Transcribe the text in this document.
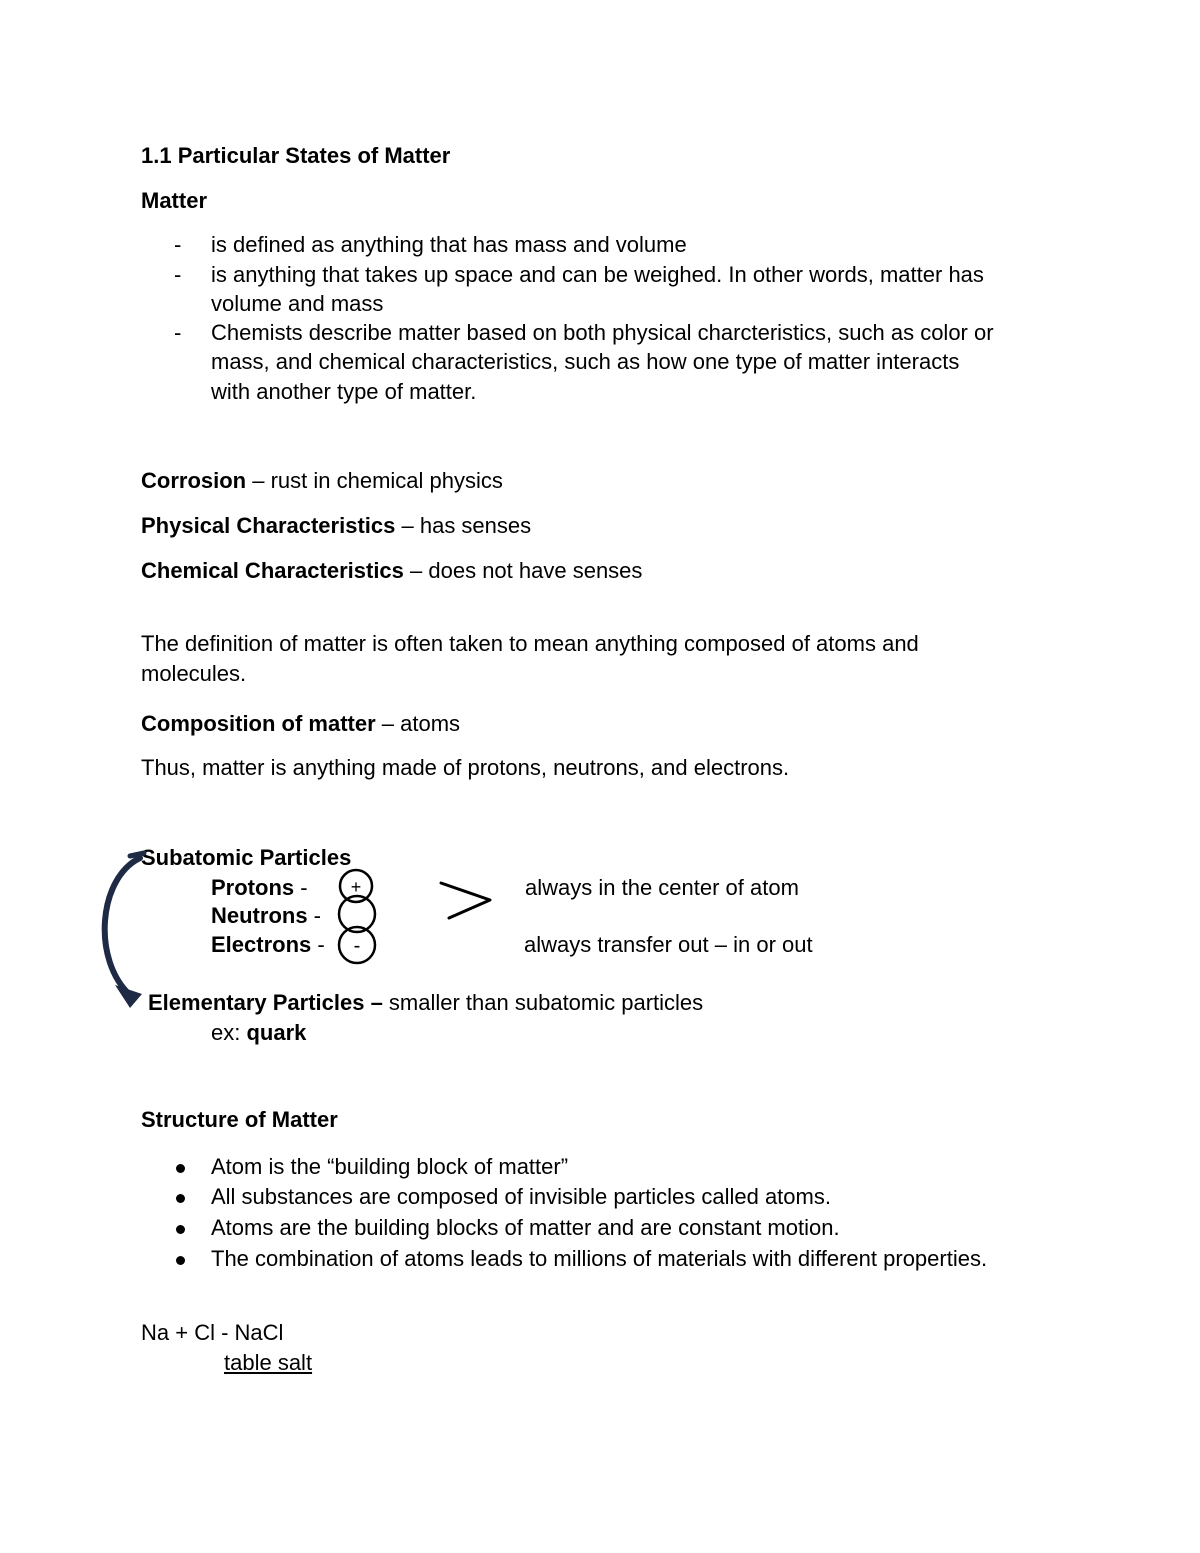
1.1 Particular States of Matter
Matter
- is defined as anything that has mass and volume
- is anything that takes up space and can be weighed. In other words, matter has
volume and mass
- Chemists describe matter based on both physical charcteristics, such as color or
mass, and chemical characteristics, such as how one type of matter interacts
with another type of matter.
Corrosion – rust in chemical physics
Physical Characteristics – has senses
Chemical Characteristics – does not have senses
The definition of matter is often taken to mean anything composed of atoms and
molecules.
Composition of matter – atoms
Thus, matter is anything made of protons, neutrons, and electrons.
Subatomic Particles
Protons -
Neutrons -
Electrons -
always in the center of atom
always transfer out – in or out
+
-
Elementary Particles – smaller than subatomic particles
ex: quark
Structure of Matter
Atom is the “building block of matter”
All substances are composed of invisible particles called atoms.
Atoms are the building blocks of matter and are constant motion.
The combination of atoms leads to millions of materials with different properties.
Na + Cl - NaCl
table salt
